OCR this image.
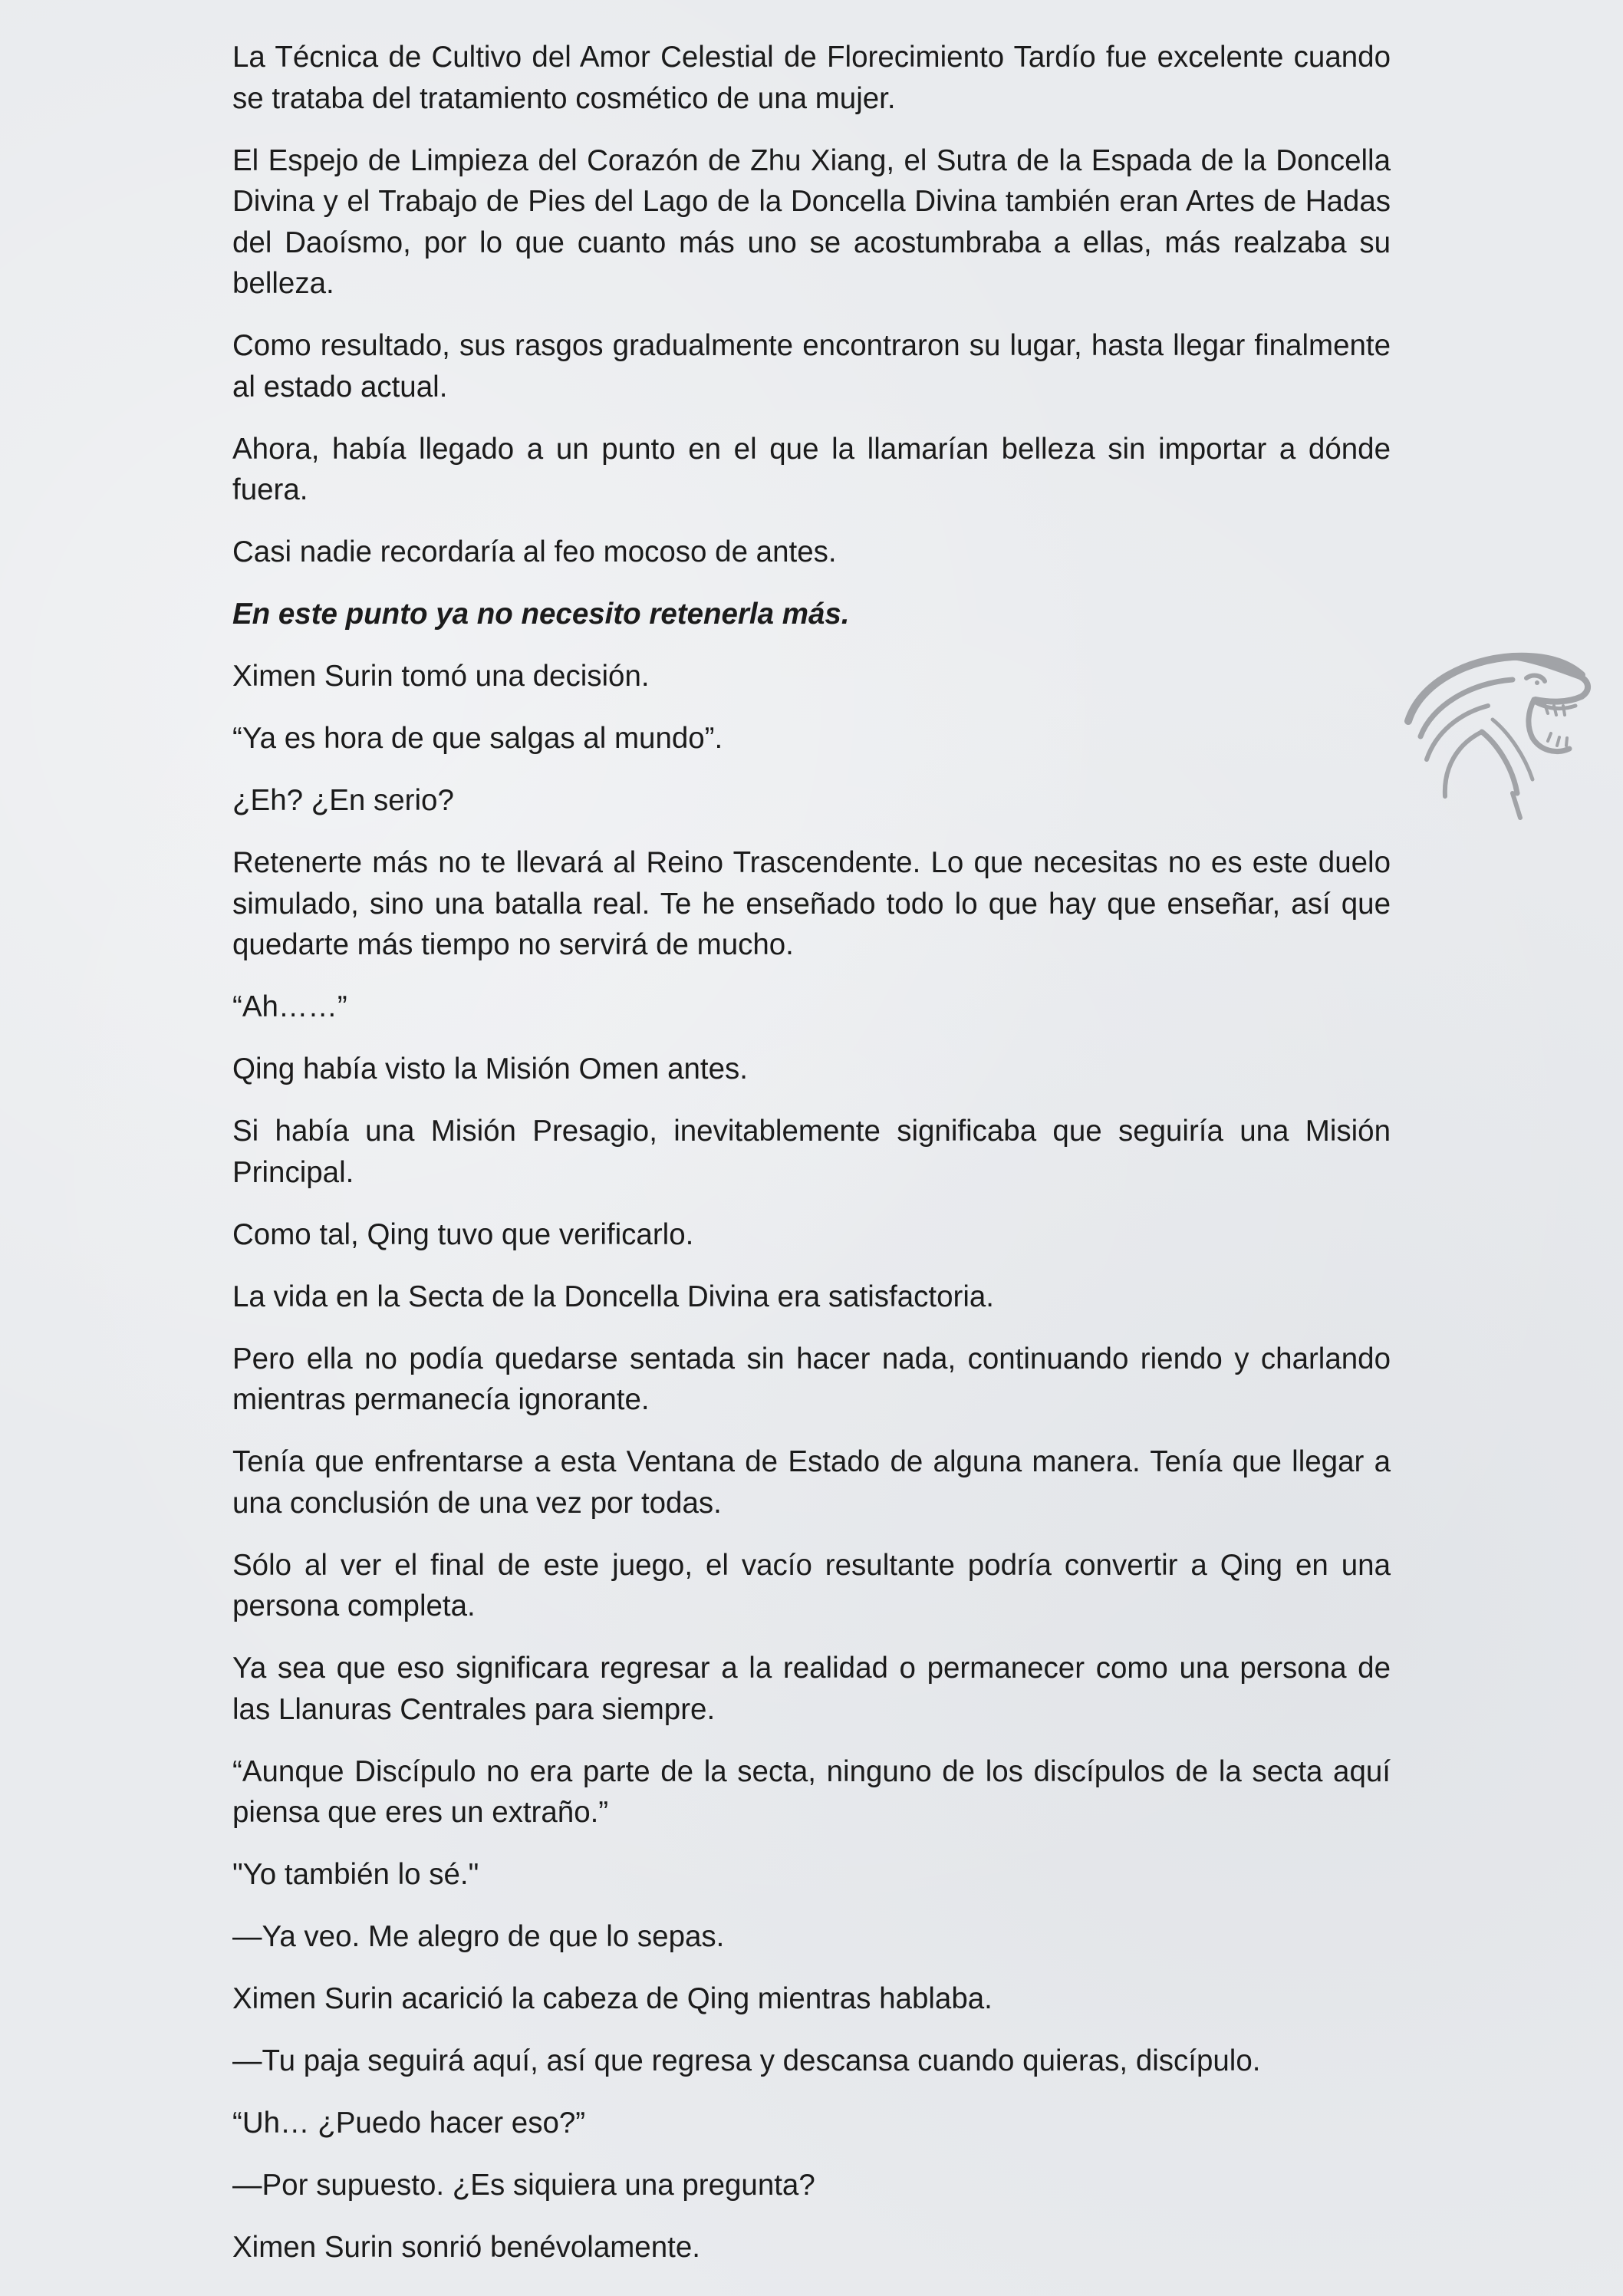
La Técnica de Cultivo del Amor Celestial de Florecimiento Tardío fue excelente cuando se trataba del tratamiento cosmético de una mujer.

El Espejo de Limpieza del Corazón de Zhu Xiang, el Sutra de la Espada de la Doncella Divina y el Trabajo de Pies del Lago de la Doncella Divina también eran Artes de Hadas del Daoísmo, por lo que cuanto más uno se acostumbraba a ellas, más realzaba su belleza.

Como resultado, sus rasgos gradualmente encontraron su lugar, hasta llegar finalmente al estado actual.

Ahora, había llegado a un punto en el que la llamarían belleza sin importar a dónde fuera.

Casi nadie recordaría al feo mocoso de antes.

En este punto ya no necesito retenerla más.

Ximen Surin tomó una decisión.

“Ya es hora de que salgas al mundo”.

¿Eh? ¿En serio?

Retenerte más no te llevará al Reino Trascendente. Lo que necesitas no es este duelo simulado, sino una batalla real. Te he enseñado todo lo que hay que enseñar, así que quedarte más tiempo no servirá de mucho.

“Ah……”

Qing había visto la Misión Omen antes.

Si había una Misión Presagio, inevitablemente significaba que seguiría una Misión Principal.

Como tal, Qing tuvo que verificarlo.

La vida en la Secta de la Doncella Divina era satisfactoria.

Pero ella no podía quedarse sentada sin hacer nada, continuando riendo y charlando mientras permanecía ignorante.

Tenía que enfrentarse a esta Ventana de Estado de alguna manera. Tenía que llegar a una conclusión de una vez por todas.

Sólo al ver el final de este juego, el vacío resultante podría convertir a Qing en una persona completa.

Ya sea que eso significara regresar a la realidad o permanecer como una persona de las Llanuras Centrales para siempre.

“Aunque Discípulo no era parte de la secta, ninguno de los discípulos de la secta aquí piensa que eres un extraño.”

"Yo también lo sé."

—Ya veo. Me alegro de que lo sepas.

Ximen Surin acarició la cabeza de Qing mientras hablaba.

—Tu paja seguirá aquí, así que regresa y descansa cuando quieras, discípulo.

“Uh… ¿Puedo hacer eso?”

—Por supuesto. ¿Es siquiera una pregunta?

Ximen Surin sonrió benévolamente.
